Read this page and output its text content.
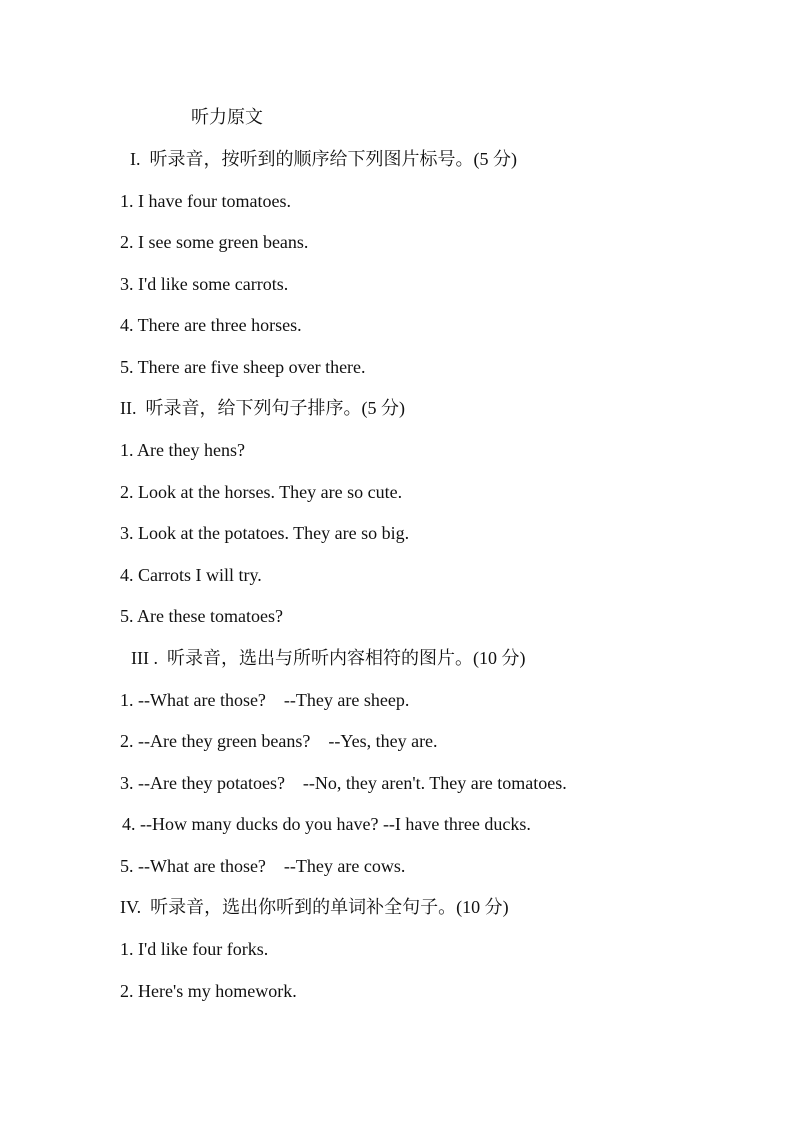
听力原文
I.  听录音，按听到的顺序给下列图片标号。(5 分)
1. I have four tomatoes.
2. I see some green beans.
3. I'd like some carrots.
4. There are three horses.
5. There are five sheep over there.
II.  听录音，给下列句子排序。(5 分)
1. Are they hens?
2. Look at the horses. They are so cute.
3. Look at the potatoes. They are so big.
4. Carrots I will try.
5. Are these tomatoes?
III .  听录音，选出与所听内容相符的图片。(10 分)
1. --What are those?    --They are sheep.
2. --Are they green beans?    --Yes, they are.
3. --Are they potatoes?    --No, they aren't. They are tomatoes.
4. --How many ducks do you have? --I have three ducks.
5. --What are those?    --They are cows.
IV.  听录音，选出你听到的单词补全句子。(10 分)
1. I'd like four forks.
2. Here's my homework.
